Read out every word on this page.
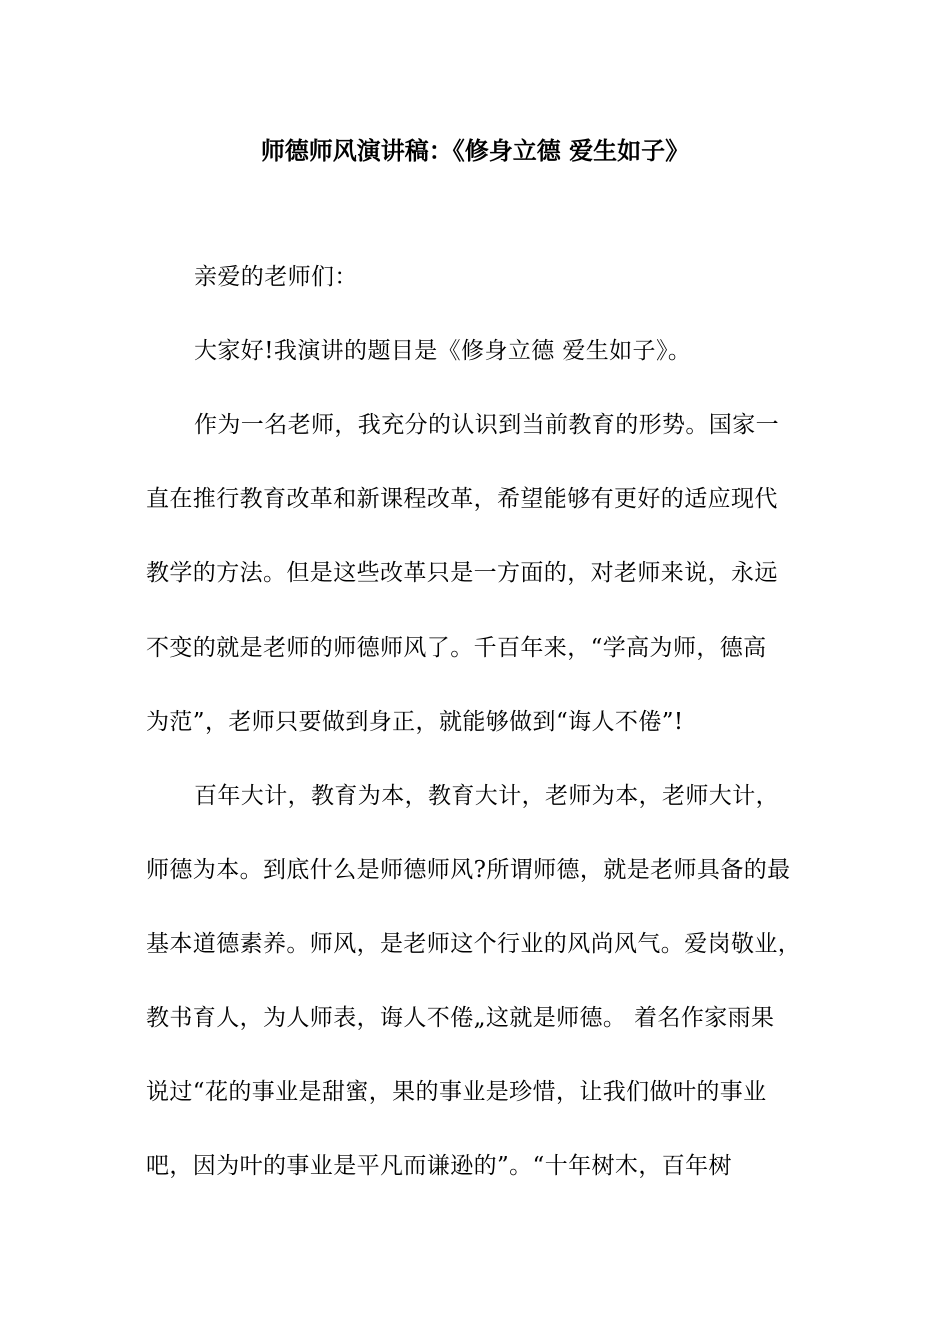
师德师风演讲稿：《修身立德 爱生如子》
亲爱的老师们：
大家好!我演讲的题目是《修身立德 爱生如子》。
作为一名老师，我充分的认识到当前教育的形势。国家一
直在推行教育改革和新课程改革，希望能够有更好的适应现代
教学的方法。但是这些改革只是一方面的，对老师来说，永远
不变的就是老师的师德师风了。千百年来，“学高为师，德高
为范”，老师只要做到身正，就能够做到“诲人不倦”!
百年大计，教育为本，教育大计，老师为本，老师大计，
师德为本。到底什么是师德师风?所谓师德，就是老师具备的最
基本道德素养。师风，是老师这个行业的风尚风气。爱岗敬业，
教书育人，为人师表，诲人不倦„这就是师德。 着名作家雨果
说过“花的事业是甜蜜，果的事业是珍惜，让我们做叶的事业
吧，因为叶的事业是平凡而谦逊的”。“十年树木，百年树
